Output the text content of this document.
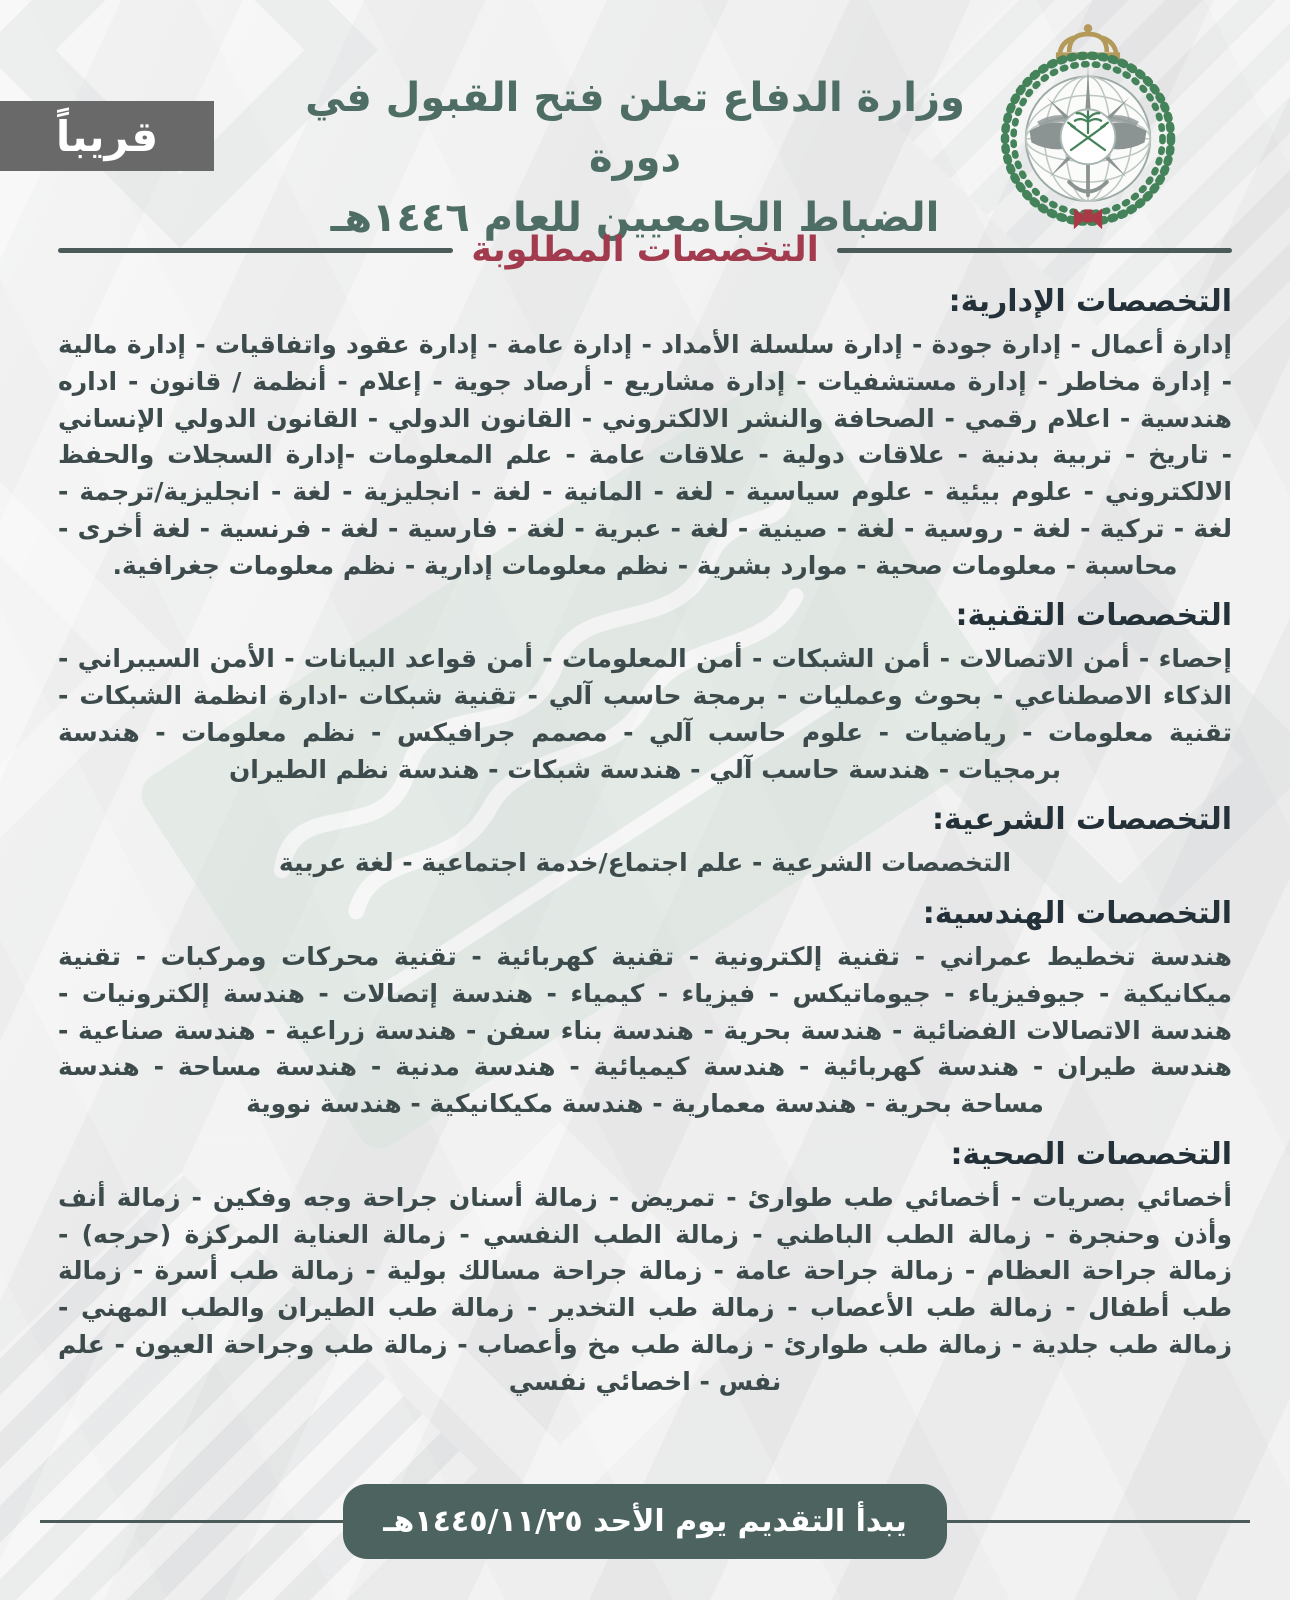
قريباً
وزارة الدفاع تعلن فتح القبول في دورة
الضباط الجامعيين للعام ١٤٤٦هـ
التخصصات المطلوبة
التخصصات الإدارية:

إدارة أعمال - إدارة جودة - إدارة سلسلة الأمداد - إدارة عامة - إدارة عقود واتفاقيات - إدارة مالية - إدارة مخاطر - إدارة مستشفيات - إدارة مشاريع - أرصاد جوية - إعلام - أنظمة / قانون - اداره هندسية - اعلام رقمي - الصحافة والنشر الالكتروني - القانون الدولي - القانون الدولي الإنساني - تاريخ - تربية بدنية - علاقات دولية - علاقات عامة - علم المعلومات -إدارة السجلات والحفظ الالكتروني - علوم بيئية - علوم سياسية - لغة - المانية - لغة - انجليزية - لغة - انجليزية/ترجمة - لغة - تركية - لغة - روسية - لغة - صينية - لغة - عبرية - لغة - فارسية - لغة - فرنسية - لغة أخرى - محاسبة - معلومات صحية - موارد بشرية - نظم معلومات إدارية - نظم معلومات جغرافية.

التخصصات التقنية:

إحصاء - أمن الاتصالات - أمن الشبكات - أمن المعلومات - أمن قواعد البيانات - الأمن السيبراني - الذكاء الاصطناعي - بحوث وعمليات - برمجة حاسب آلي - تقنية شبكات -ادارة انظمة الشبكات - تقنية معلومات - رياضيات - علوم حاسب آلي - مصمم جرافيكس - نظم معلومات - هندسة برمجيات - هندسة حاسب آلي - هندسة شبكات - هندسة نظم الطيران

التخصصات الشرعية:

التخصصات الشرعية - علم اجتماع/خدمة اجتماعية - لغة عربية

التخصصات الهندسية:

هندسة تخطيط عمراني - تقنية إلكترونية - تقنية كهربائية - تقنية محركات ومركبات - تقنية ميكانيكية - جيوفيزياء - جيوماتيكس - فيزياء - كيمياء - هندسة إتصالات - هندسة إلكترونيات - هندسة الاتصالات الفضائية - هندسة بحرية - هندسة بناء سفن - هندسة زراعية - هندسة صناعية - هندسة طيران - هندسة كهربائية - هندسة كيميائية - هندسة مدنية - هندسة مساحة - هندسة مساحة بحرية - هندسة معمارية - هندسة مكيكانيكية - هندسة نووية

التخصصات الصحية:

أخصائي بصريات - أخصائي طب طوارئ - تمريض - زمالة أسنان جراحة وجه وفكين - زمالة أنف وأذن وحنجرة - زمالة الطب الباطني - زمالة الطب النفسي - زمالة العناية المركزة (حرجه) - زمالة جراحة العظام - زمالة جراحة عامة - زمالة جراحة مسالك بولية - زمالة طب أسرة - زمالة طب أطفال - زمالة طب الأعصاب - زمالة طب التخدير - زمالة طب الطيران والطب المهني - زمالة طب جلدية - زمالة طب طوارئ - زمالة طب مخ وأعصاب - زمالة طب وجراحة العيون - علم نفس - اخصائي نفسي

يبدأ التقديم يوم الأحد ١٤٤٥/١١/٢٥هـ
